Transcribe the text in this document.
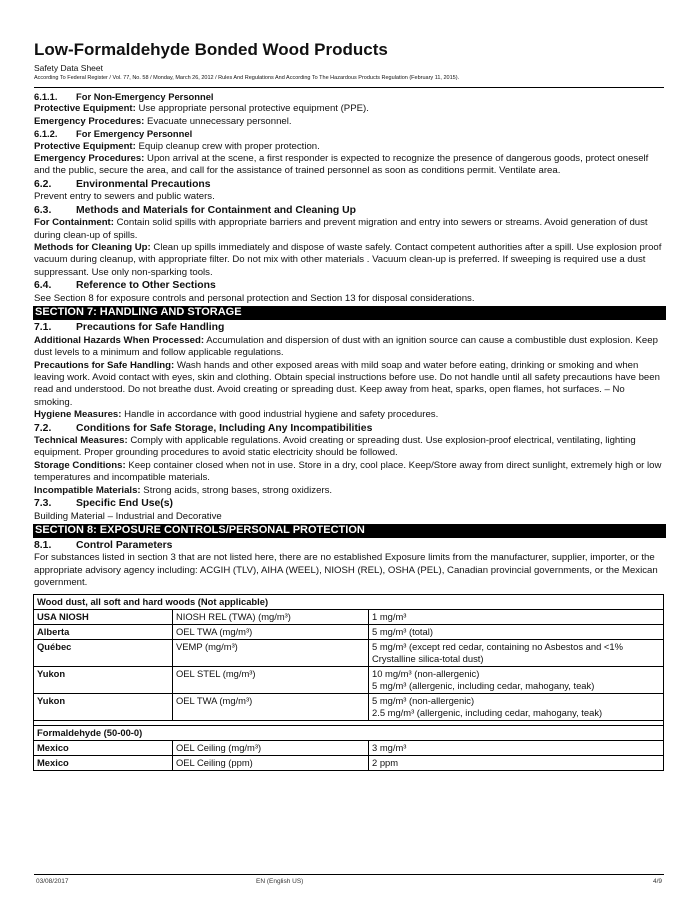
Low-Formaldehyde Bonded Wood Products
Safety Data Sheet
According To Federal Register / Vol. 77, No. 58 / Monday, March 26, 2012 / Rules And Regulations And According To The Hazardous Products Regulation (February 11, 2015).

6.1.1. For Non-Emergency Personnel

Protective Equipment: Use appropriate personal protective equipment (PPE).

Emergency Procedures: Evacuate unnecessary personnel.

6.1.2. For Emergency Personnel

Protective Equipment: Equip cleanup crew with proper protection.

Emergency Procedures: Upon arrival at the scene, a first responder is expected to recognize the presence of dangerous goods, protect oneself and the public, secure the area, and call for the assistance of trained personnel as soon as conditions permit. Ventilate area.

6.2. Environmental Precautions

Prevent entry to sewers and public waters.

6.3. Methods and Materials for Containment and Cleaning Up

For Containment: Contain solid spills with appropriate barriers and prevent migration and entry into sewers or streams. Avoid generation of dust during clean-up of spills.

Methods for Cleaning Up: Clean up spills immediately and dispose of waste safely. Contact competent authorities after a spill. Use explosion proof vacuum during cleanup, with appropriate filter. Do not mix with other materials . Vacuum clean-up is preferred. If sweeping is required use a dust suppressant. Use only non-sparking tools.

6.4. Reference to Other Sections

See Section 8 for exposure controls and personal protection and Section 13 for disposal considerations.

SECTION 7: HANDLING AND STORAGE

7.1. Precautions for Safe Handling

Additional Hazards When Processed: Accumulation and dispersion of dust with an ignition source can cause a combustible dust explosion. Keep dust levels to a minimum and follow applicable regulations.

Precautions for Safe Handling: Wash hands and other exposed areas with mild soap and water before eating, drinking or smoking and when leaving work. Avoid contact with eyes, skin and clothing. Obtain special instructions before use. Do not handle until all safety precautions have been read and understood. Do not breathe dust. Avoid creating or spreading dust. Keep away from heat, sparks, open flames, hot surfaces. – No smoking.

Hygiene Measures: Handle in accordance with good industrial hygiene and safety procedures.

7.2. Conditions for Safe Storage, Including Any Incompatibilities

Technical Measures: Comply with applicable regulations. Avoid creating or spreading dust. Use explosion-proof electrical, ventilating, lighting equipment. Proper grounding procedures to avoid static electricity should be followed.

Storage Conditions: Keep container closed when not in use. Store in a dry, cool place. Keep/Store away from direct sunlight, extremely high or low temperatures and incompatible materials.

Incompatible Materials: Strong acids, strong bases, strong oxidizers.

7.3. Specific End Use(s)

Building Material – Industrial and Decorative

SECTION 8: EXPOSURE CONTROLS/PERSONAL PROTECTION

8.1. Control Parameters

For substances listed in section 3 that are not listed here, there are no established Exposure limits from the manufacturer, supplier, importer, or the appropriate advisory agency including: ACGIH (TLV), AIHA (WEEL), NIOSH (REL), OSHA (PEL), Canadian provincial governments, or the Mexican government.

Wood dust, all soft and hard woods (Not applicable)		
USA NIOSH	NIOSH REL (TWA) (mg/m³)	1 mg/m³
Alberta	OEL TWA (mg/m³)	5 mg/m³ (total)
Québec	VEMP (mg/m³)	5 mg/m³ (except red cedar, containing no Asbestos and <1% Crystalline silica-total dust)
Yukon	OEL STEL (mg/m³)	10 mg/m³ (non-allergenic)
5 mg/m³ (allergenic, including cedar, mahogany, teak)

Yukon	OEL TWA (mg/m³)	5 mg/m³ (non-allergenic)
2.5 mg/m³ (allergenic, including cedar, mahogany, teak)

Formaldehyde (50-00-0)		
Mexico	OEL Ceiling (mg/m³)	3 mg/m³
Mexico	OEL Ceiling (ppm)	2 ppm
03/08/2017	EN (English US)	4/9
